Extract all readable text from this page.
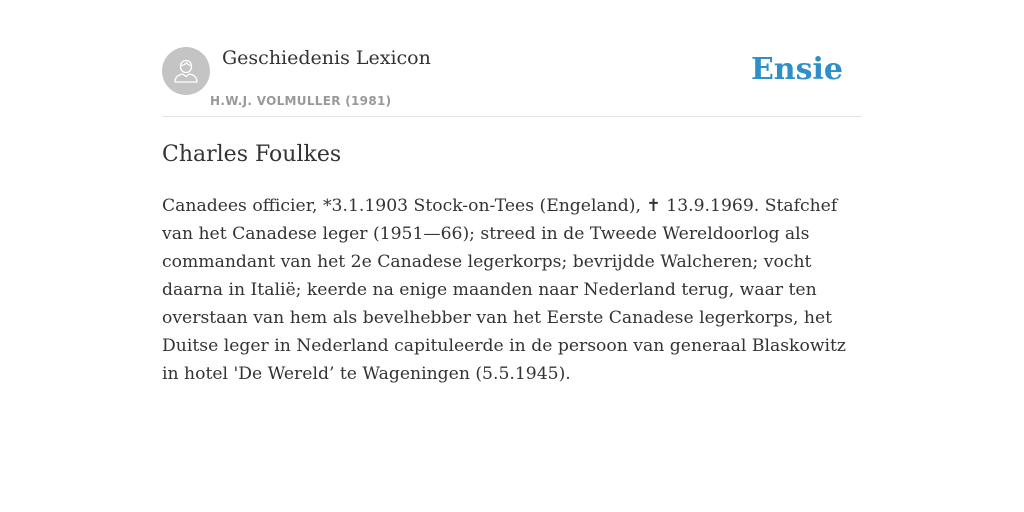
Geschiedenis Lexicon
H.W.J. VOLMULLER (1981)
Ensie
Charles Foulkes

Canadees officier, *3.1.1903 Stock-on-Tees (Engeland), ✝ 13.9.1969. Stafchef van het Canadese leger (1951—66); streed in de Tweede Wereldoorlog als commandant van het 2e Canadese legerkorps; bevrijdde Walcheren; vocht daarna in Italië; keerde na enige maanden naar Nederland terug, waar ten overstaan van hem als bevelhebber van het Eerste Canadese legerkorps, het Duitse leger in Nederland capituleerde in de persoon van generaal Blaskowitz in hotel 'De Wereld’ te Wageningen (5.5.1945).
